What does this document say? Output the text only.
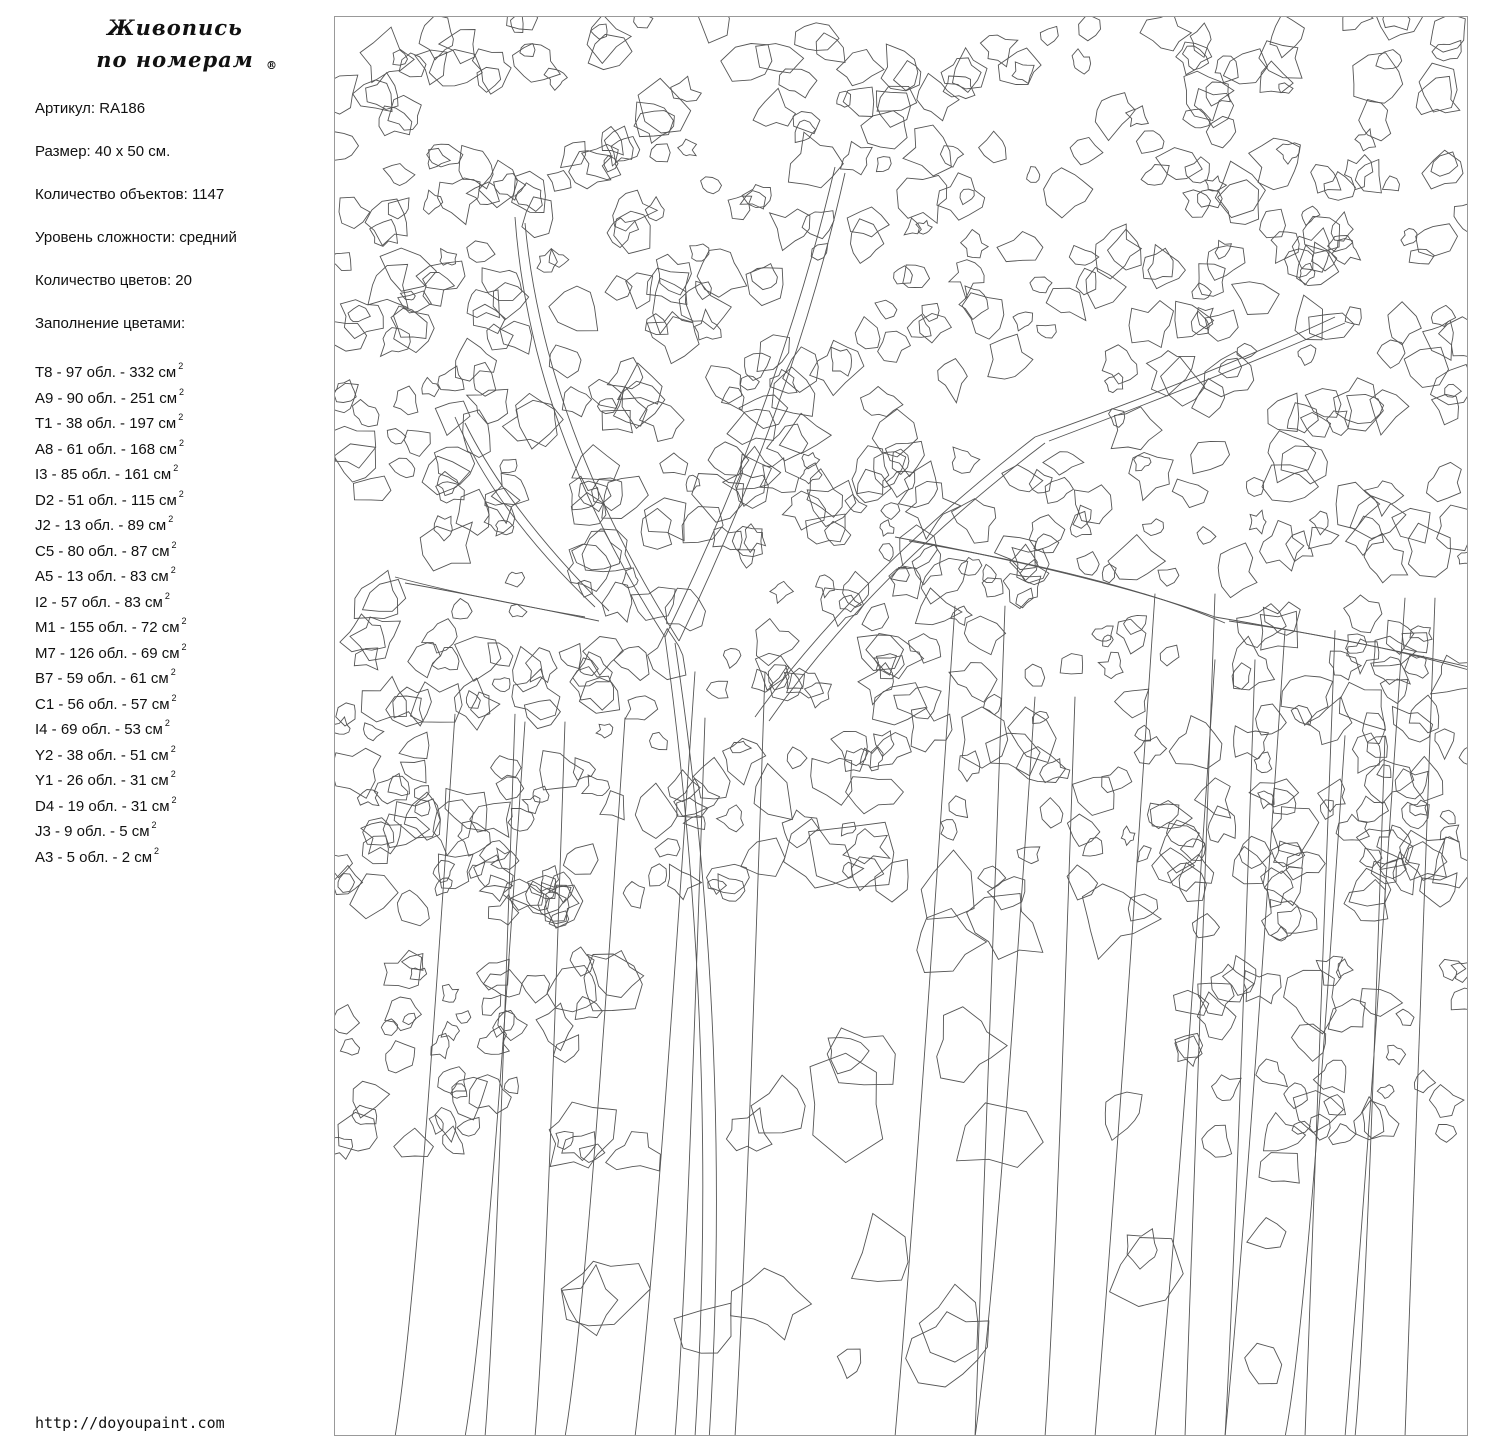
Живопись
по номерам	®
Артикул: RA186
Размер: 40 х 50 см.
Количество объектов: 1147
Уровень сложности: средний
Количество цветов: 20
Заполнение цветами:
T8 - 97 обл. - 332 см $^2$
A9 - 90 обл. - 251 см $^2$
T1 - 38 обл. - 197 см $^2$
A8 - 61 обл. - 168 см $^2$
I3 - 85 обл. - 161 см $^2$
D2 - 51 обл. - 115 см $^2$
J2 - 13 обл. - 89 см $^2$
C5 - 80 обл. - 87 см $^2$
A5 - 13 обл. - 83 см $^2$
I2 - 57 обл. - 83 см $^2$
M1 - 155 обл. - 72 см $^2$
M7 - 126 обл. - 69 см $^2$
B7 - 59 обл. - 61 см $^2$
C1 - 56 обл. - 57 см $^2$
I4 - 69 обл. - 53 см $^2$
Y2 - 38 обл. - 51 см $^2$
Y1 - 26 обл. - 31 см $^2$
D4 - 19 обл. - 31 см $^2$
J3 - 9 обл. - 5 см $^2$
A3 - 5 обл. - 2 см $^2$
http://doyoupaint.com
